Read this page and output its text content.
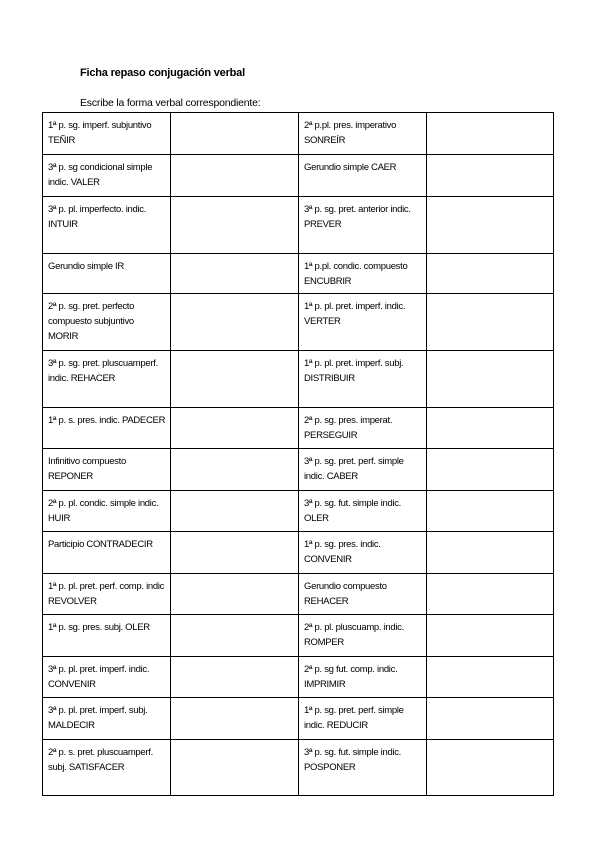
Ficha repaso conjugación verbal
Escribe la forma verbal correspondiente:
1ª p. sg. imperf. subjuntivo TEÑIR		2ª p.pl. pres. imperativo SONREÍR	
3ª p. sg condicional simple indic. VALER		Gerundio simple CAER	
3ª p. pl. imperfecto. indic. INTUIR		3ª p. sg. pret. anterior indic. PREVER	
Gerundio simple IR		1ª p.pl. condic. compuesto ENCUBRIR	
2ª p. sg. pret. perfecto compuesto subjuntivo MORIR		1ª p. pl. pret. imperf. indic. VERTER	
3ª p. sg. pret. pluscuamperf. indic. REHACER		1ª p. pl. pret. imperf. subj. DISTRIBUIR	
1ª p. s. pres. indic. PADECER		2ª p. sg. pres. imperat. PERSEGUIR	
Infinitivo compuesto REPONER		3ª p. sg. pret. perf. simple indic. CABER	
2ª p. pl. condic. simple indic. HUIR		3ª p. sg. fut. simple indic. OLER	
Participio CONTRADECIR		1ª p. sg. pres. indic. CONVENIR	
1ª p. pl. pret. perf. comp. indic REVOLVER		Gerundio compuesto REHACER	
1ª p. sg. pres. subj. OLER		2ª p. pl. pluscuamp. indic. ROMPER	
3ª p. pl. pret. imperf. indic. CONVENIR		2ª p. sg fut. comp. indic. IMPRIMIR	
3ª p. pl. pret. imperf. subj. MALDECIR		1ª p. sg. pret. perf. simple indic. REDUCIR	
2ª p. s. pret. pluscuamperf. subj. SATISFACER		3ª p. sg. fut. simple indic. POSPONER	
